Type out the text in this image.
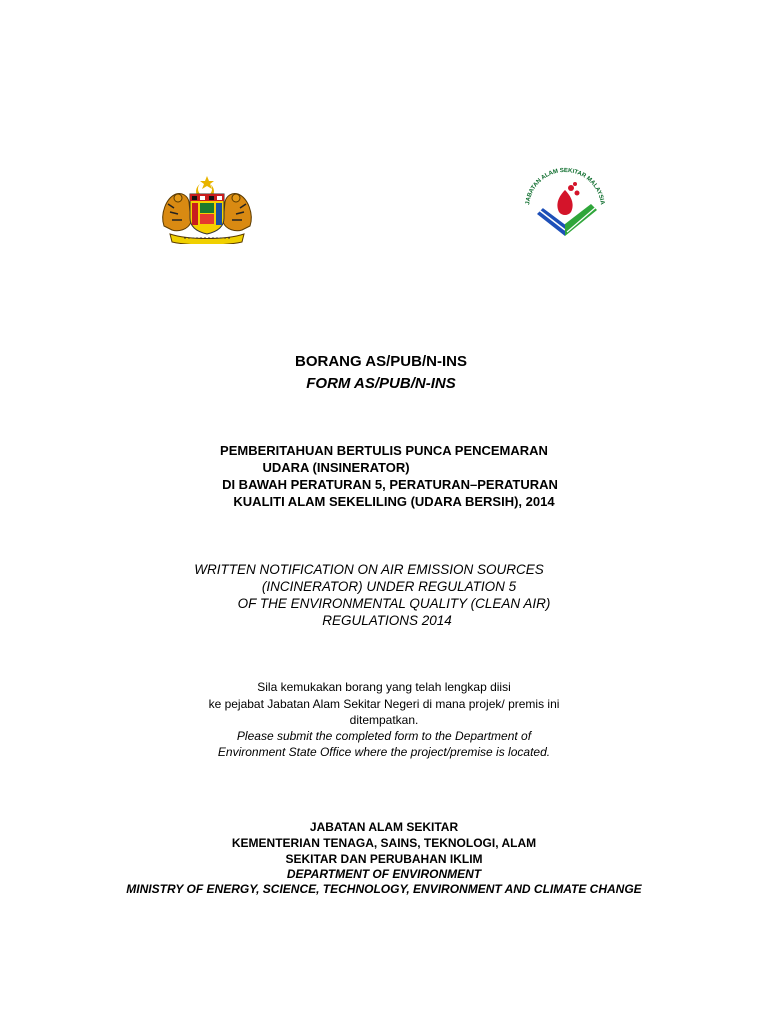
JABATAN ALAM SEKITAR MALAYSIA
BORANG AS/PUB/N-INS
FORM AS/PUB/N-INS
PEMBERITAHUAN BERTULIS PUNCA PENCEMARAN
UDARA (INSINERATOR)
DI BAWAH PERATURAN 5, PERATURAN–PERATURAN
KUALITI ALAM SEKELILING (UDARA BERSIH), 2014
WRITTEN NOTIFICATION ON AIR EMISSION SOURCES
(INCINERATOR) UNDER REGULATION 5
OF THE ENVIRONMENTAL QUALITY (CLEAN AIR)
REGULATIONS 2014
Sila kemukakan borang yang telah lengkap diisi
ke pejabat Jabatan Alam Sekitar Negeri di mana projek/ premis ini
ditempatkan.
Please submit the completed form to the Department of
Environment State Office where the project/premise is located.
JABATAN ALAM SEKITAR
KEMENTERIAN TENAGA, SAINS, TEKNOLOGI, ALAM
SEKITAR DAN PERUBAHAN IKLIM
DEPARTMENT OF ENVIRONMENT
MINISTRY OF ENERGY, SCIENCE, TECHNOLOGY, ENVIRONMENT AND CLIMATE CHANGE
